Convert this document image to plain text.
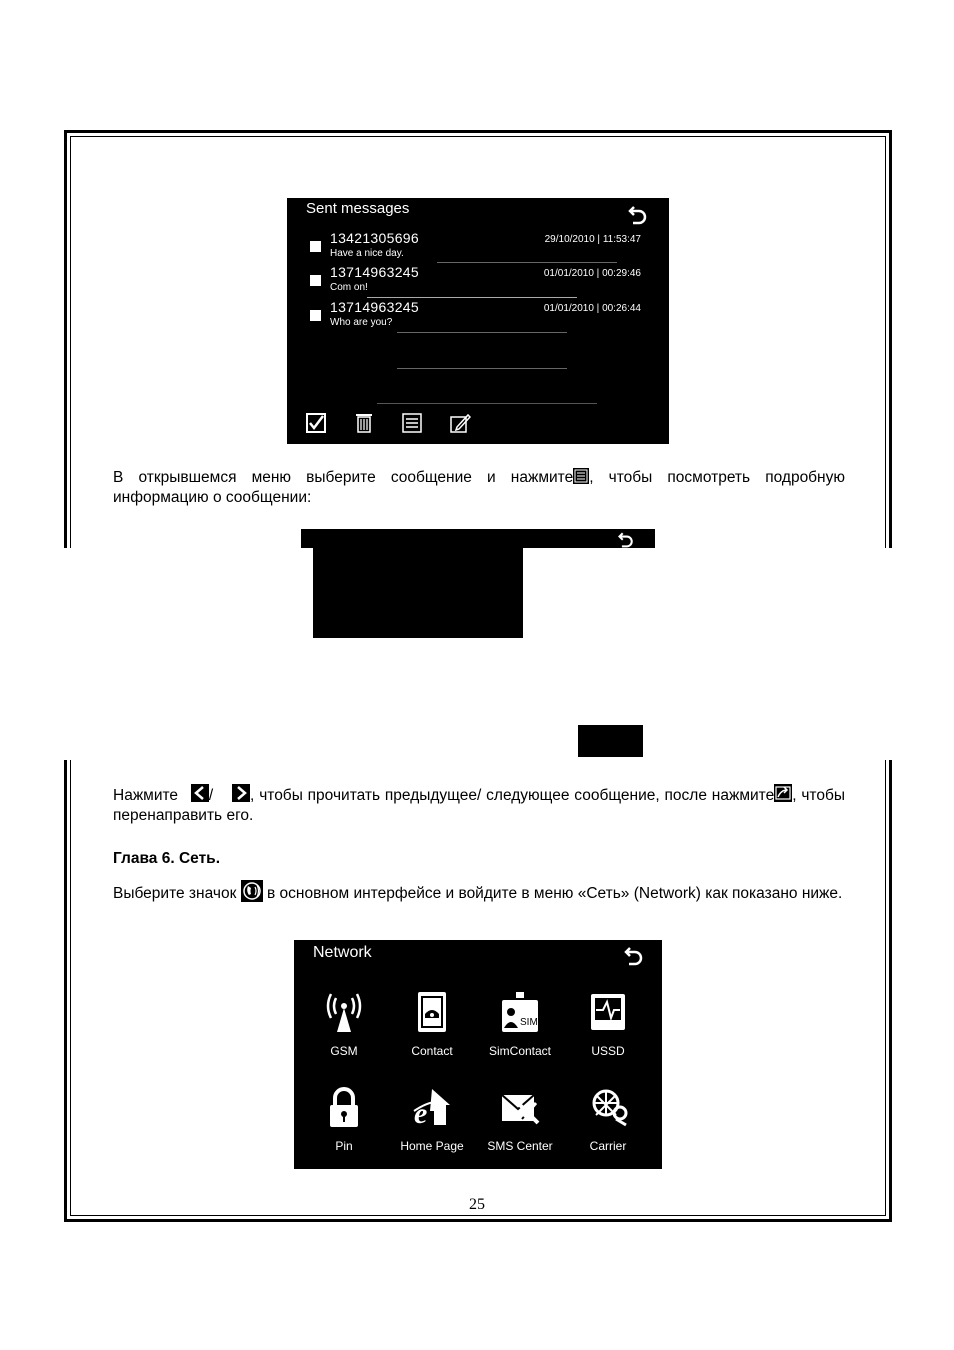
Sent messages
13421305696
Have a nice day.
29/10/2010 | 11:53:47
13714963245
Com on!
01/01/2010 | 00:29:46
13714963245
Who are you?
01/01/2010 | 00:26:44
В открывшемся меню выберите сообщение и нажмите , чтобы посмотреть подробную информацию о сообщении:
Нажмите / , чтобы прочитать предыдущее/ следующее сообщение, после нажмите , чтобы перенаправить его.
Глава 6. Сеть.
Выберите значок  в основном интерфейсе и войдите в меню «Сеть» (Network) как показано ниже.
Network
GSM	Contact
SIM
SimContact	USSD
Pin
e
Home Page	SMS Center	Carrier
25
